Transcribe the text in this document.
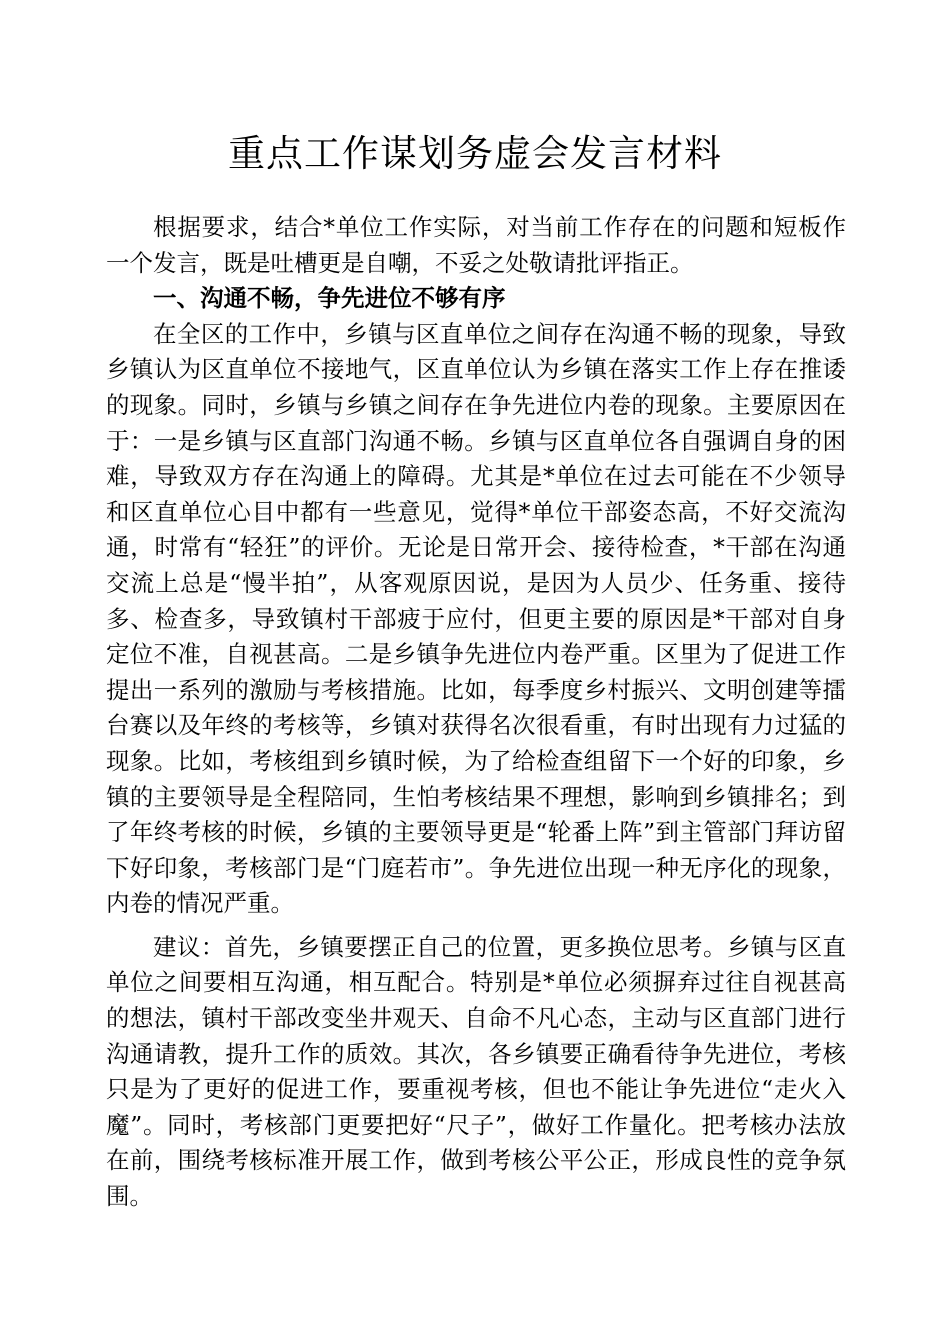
重点工作谋划务虚会发言材料

根据要求，结合*单位工作实际，对当前工作存在的问题和短板作一个发言，既是吐槽更是自嘲，不妥之处敬请批评指正。

一、沟通不畅，争先进位不够有序

在全区的工作中，乡镇与区直单位之间存在沟通不畅的现象，导致乡镇认为区直单位不接地气，区直单位认为乡镇在落实工作上存在推诿的现象。同时，乡镇与乡镇之间存在争先进位内卷的现象。主要原因在于：一是乡镇与区直部门沟通不畅。乡镇与区直单位各自强调自身的困难，导致双方存在沟通上的障碍。尤其是*单位在过去可能在不少领导和区直单位心目中都有一些意见，觉得*单位干部姿态高，不好交流沟通，时常有“轻狂”的评价。无论是日常开会、接待检查，*干部在沟通交流上总是“慢半拍”，从客观原因说，是因为人员少、任务重、接待多、检查多，导致镇村干部疲于应付，但更主要的原因是*干部对自身定位不准，自视甚高。二是乡镇争先进位内卷严重。区里为了促进工作提出一系列的激励与考核措施。比如，每季度乡村振兴、文明创建等擂台赛以及年终的考核等，乡镇对获得名次很看重，有时出现有力过猛的现象。比如，考核组到乡镇时候，为了给检查组留下一个好的印象，乡镇的主要领导是全程陪同，生怕考核结果不理想，影响到乡镇排名；到了年终考核的时候，乡镇的主要领导更是“轮番上阵”到主管部门拜访留下好印象，考核部门是“门庭若市”。争先进位出现一种无序化的现象，内卷的情况严重。

建议：首先，乡镇要摆正自己的位置，更多换位思考。乡镇与区直单位之间要相互沟通，相互配合。特别是*单位必须摒弃过往自视甚高的想法，镇村干部改变坐井观天、自命不凡心态，主动与区直部门进行沟通请教，提升工作的质效。其次，各乡镇要正确看待争先进位，考核只是为了更好的促进工作，要重视考核，但也不能让争先进位“走火入魔”。同时，考核部门更要把好“尺子”，做好工作量化。把考核办法放在前，围绕考核标准开展工作，做到考核公平公正，形成良性的竞争氛围。
